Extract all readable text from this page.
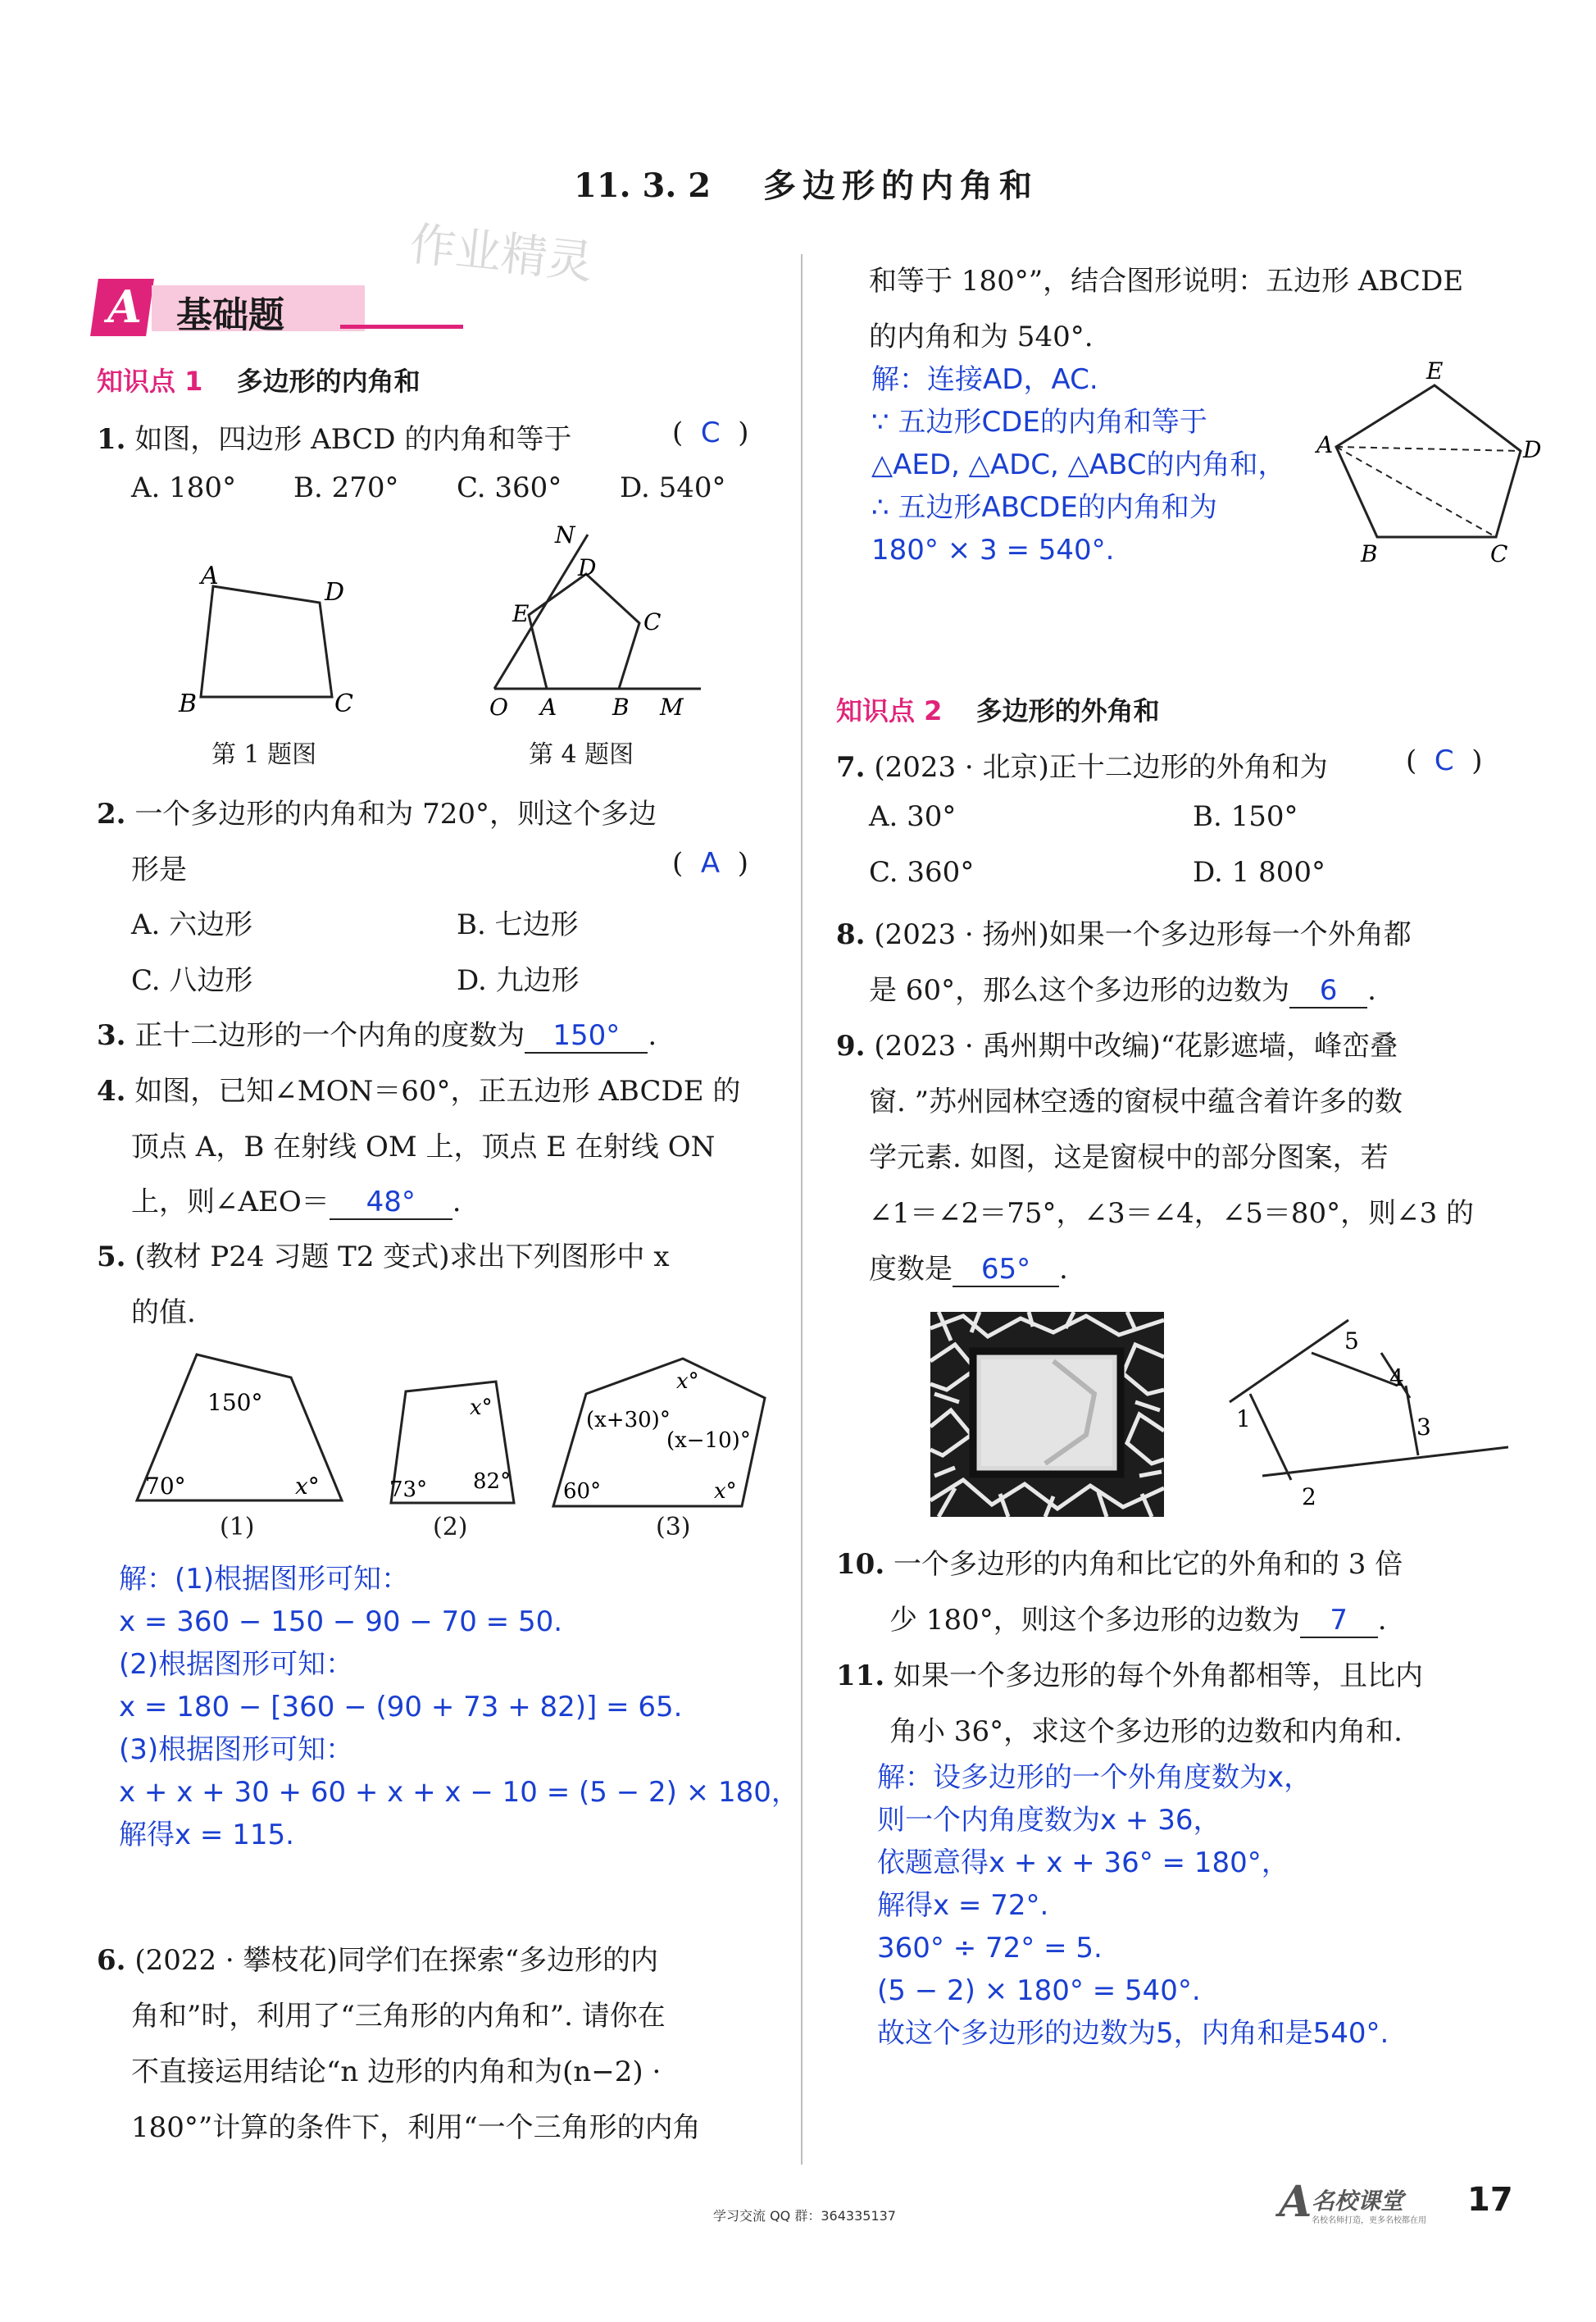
11. 3. 2 多边形的内角和
作业精灵
A 基础题
知识点 1 多边形的内角和
1. 如图，四边形 ABCD 的内角和等于	(  C  )
A. 180° B. 270° C. 360° D. 540°
A
D
B	C
第 1 题图
N
D
E	C
O A B M
第 4 题图
2. 一个多边形的内角和为 720°，则这个多边
形是	(  A  )
A. 六边形	B. 七边形
C. 八边形	D. 九边形
3. 正十二边形的一个内角的度数为 150° .
4. 如图，已知∠MON＝60°，正五边形 ABCDE 的
顶点 A，B 在射线 OM 上，顶点 E 在射线 ON
上，则∠AEO＝ 48° .
5. (教材 P24 习题 T2 变式)求出下列图形中 x
的值.
150°
70°	x°
(1)
x°
73° 82°
(2)
(x+30)°
(x−10)°
x°
60°	x°
(3)
解：(1)根据图形可知：
x = 360 − 150 − 90 − 70 = 50.
(2)根据图形可知：
x = 180 − [360 − (90 + 73 + 82)] = 65.
(3)根据图形可知：
x + x + 30 + 60 + x + x − 10 = (5 − 2) × 180，
解得x = 115.
6. (2022 · 攀枝花)同学们在探索“多边形的内
角和”时，利用了“三角形的内角和”. 请你在
不直接运用结论“n 边形的内角和为(n−2) ·
180°”计算的条件下，利用“一个三角形的内角
和等于 180°”，结合图形说明：五边形 ABCDE
的内角和为 540°.
解：连接AD，AC.
∵ 五边形CDE的内角和等于
△AED, △ADC, △ABC的内角和，
∴ 五边形ABCDE的内角和为
180° × 3 = 540°.
E
A	D
B	C
知识点 2 多边形的外角和
7. (2023 · 北京)正十二边形的外角和为	(  C  )
A. 30°	B. 150°
C. 360°	D. 1 800°
8. (2023 · 扬州)如果一个多边形每一个外角都
是 60°，那么这个多边形的边数为 6 .
9. (2023 · 禹州期中改编)“花影遮墙，峰峦叠
窗. ”苏州园林空透的窗棂中蕴含着许多的数
学元素. 如图，这是窗棂中的部分图案，若
∠1＝∠2＝75°，∠3＝∠4，∠5＝80°，则∠3 的
度数是 65° .
5
4
1	3
2
10. 一个多边形的内角和比它的外角和的 3 倍
少 180°，则这个多边形的边数为 7 .
11. 如果一个多边形的每个外角都相等，且比内
角小 36°，求这个多边形的边数和内角和.
解：设多边形的一个外角度数为x，
则一个内角度数为x + 36，
依题意得x + x + 36° = 180°，
解得x = 72°.
360° ÷ 72° = 5.
(5 − 2) × 180° = 540°.
故这个多边形的边数为5，内角和是540°.
学习交流 QQ 群：364335137	A 名校课堂
名校名师打造，更多名校都在用
17
